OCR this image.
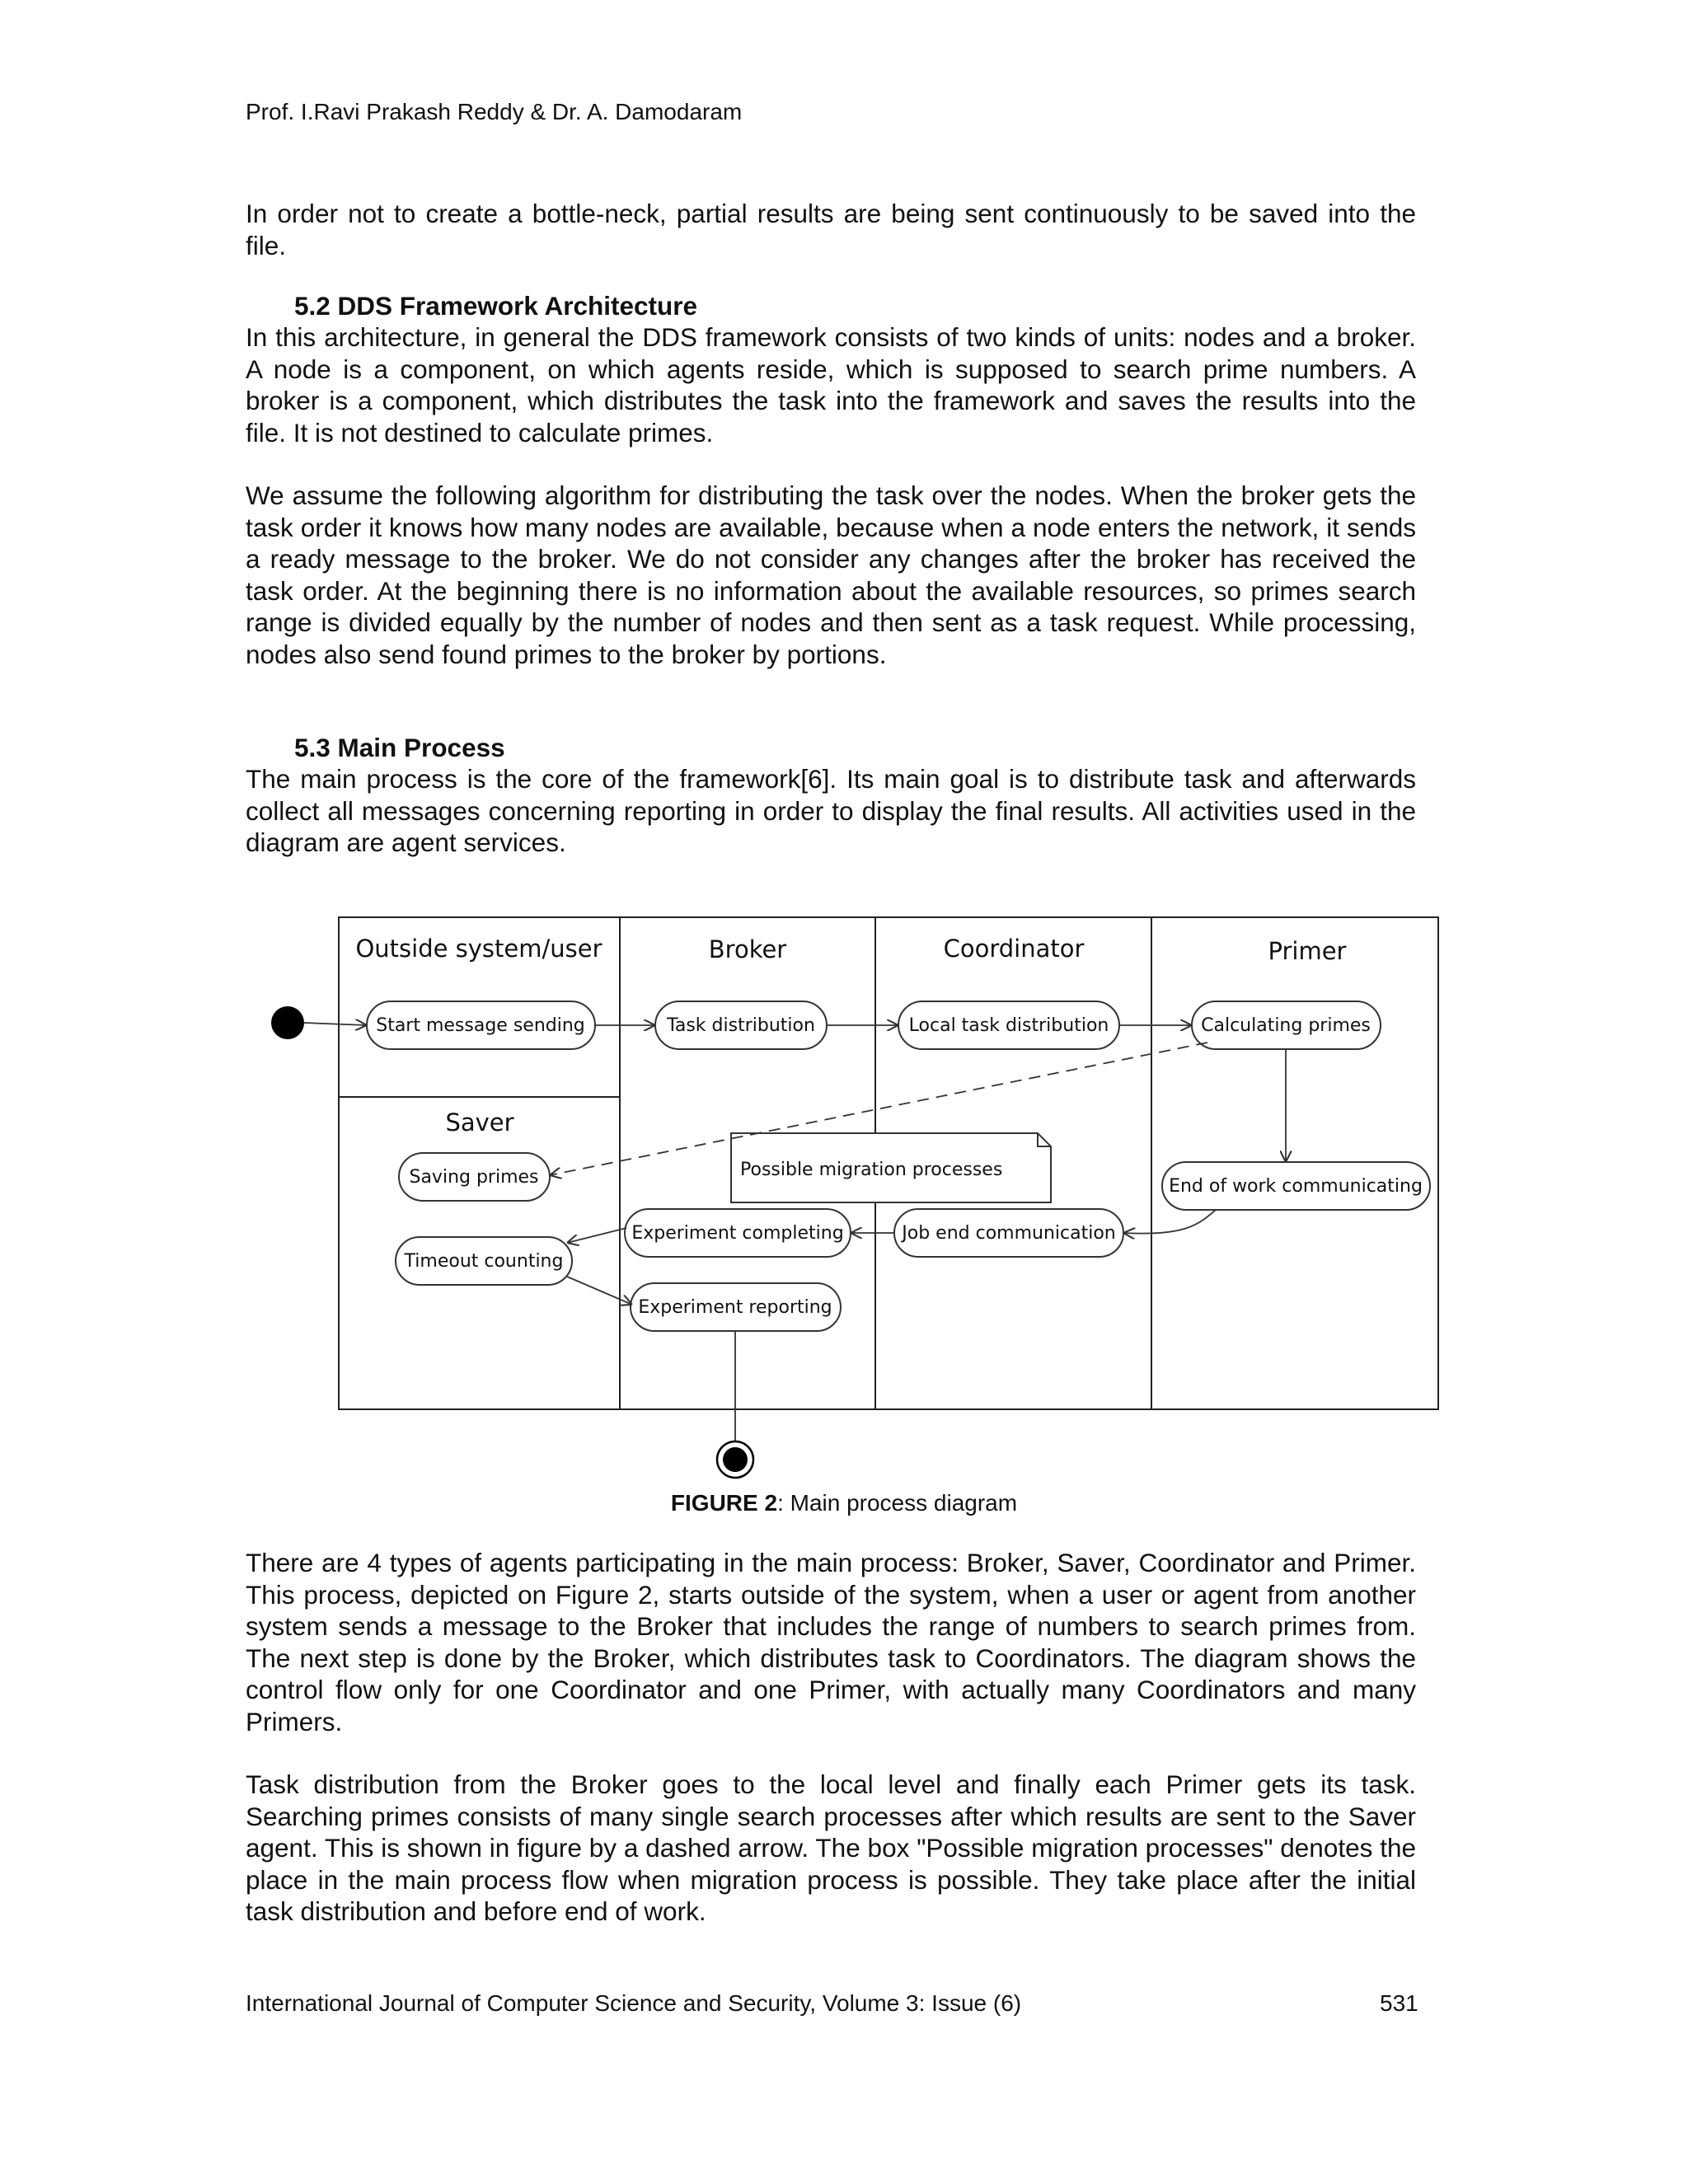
Prof. I.Ravi Prakash Reddy & Dr. A. Damodaram

In order not to create a bottle-neck, partial results are being sent continuously to be saved into the file.

5.2 DDS Framework Architecture

In this architecture, in general the DDS framework consists of two kinds of units: nodes and a broker. A node is a component, on which agents reside, which is supposed to search prime numbers. A broker is a component, which distributes the task into the framework and saves the results into the file. It is not destined to calculate primes.

We assume the following algorithm for distributing the task over the nodes. When the broker gets the task order it knows how many nodes are available, because when a node enters the network, it sends a ready message to the broker. We do not consider any changes after the broker has received the task order. At the beginning there is no information about the available resources, so primes search range is divided equally by the number of nodes and then sent as a task request. While processing, nodes also send found primes to the broker by portions.

5.3 Main Process

The main process is the core of the framework[6]. Its main goal is to distribute task and afterwards collect all messages concerning reporting in order to display the final results. All activities used in the diagram are agent services.

Outside system/user	Broker	Coordinator	Primer
Saver
Start message sending	Task distribution	Local task distribution	Calculating primes
Saving primes	End of work communicating
Experiment completing	Job end communication
Timeout counting
Experiment reporting
Possible migration processes
FIGURE 2: Main process diagram

There are 4 types of agents participating in the main process: Broker, Saver, Coordinator and Primer. This process, depicted on Figure 2, starts outside of the system, when a user or agent from another system sends a message to the Broker that includes the range of numbers to search primes from. The next step is done by the Broker, which distributes task to Coordinators. The diagram shows the control flow only for one Coordinator and one Primer, with actually many Coordinators and many Primers.

Task distribution from the Broker goes to the local level and finally each Primer gets its task. Searching primes consists of many single search processes after which results are sent to the Saver agent. This is shown in figure by a dashed arrow. The box "Possible migration processes" denotes the place in the main process flow when migration process is possible. They take place after the initial task distribution and before end of work.

International Journal of Computer Science and Security, Volume 3: Issue (6)	531
